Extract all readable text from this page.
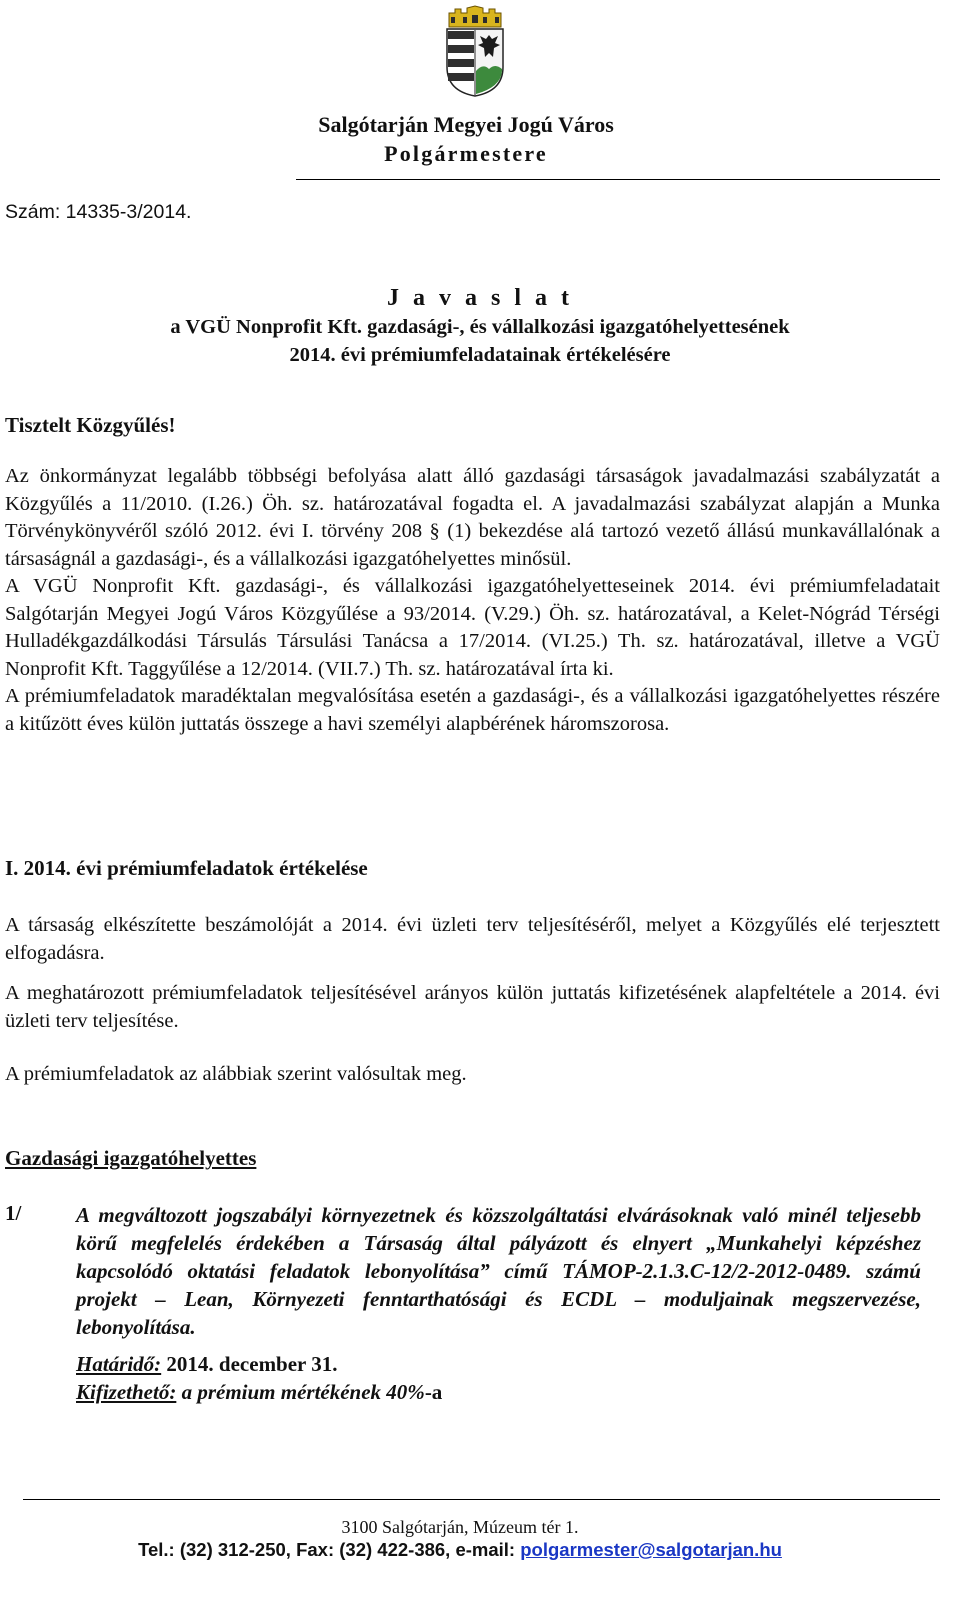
Salgótarján Megyei Jogú Város
Polgármestere
Szám: 14335-3/2014.
J a v a s l a t
a VGÜ Nonprofit Kft. gazdasági-, és vállalkozási igazgatóhelyettesének
2014. évi prémiumfeladatainak értékelésére
Tisztelt Közgyűlés!

Az önkormányzat legalább többségi befolyása alatt álló gazdasági társaságok javadalmazási szabályzatát a Közgyűlés a 11/2010. (I.26.) Öh. sz. határozatával fogadta el. A javadalmazási szabályzat alapján a Munka Törvénykönyvéről szóló 2012. évi I. törvény 208 § (1) bekezdése alá tartozó vezető állású munkavállalónak a társaságnál a gazdasági-, és a vállalkozási igazgatóhelyettes minősül.

A VGÜ Nonprofit Kft. gazdasági-, és vállalkozási igazgatóhelyetteseinek 2014. évi prémiumfeladatait Salgótarján Megyei Jogú Város Közgyűlése a 93/2014. (V.29.) Öh. sz. határozatával, a Kelet-Nógrád Térségi Hulladékgazdálkodási Társulás Társulási Tanácsa a 17/2014. (VI.25.) Th. sz. határozatával, illetve a VGÜ Nonprofit Kft. Taggyűlése a 12/2014. (VII.7.) Th. sz. határozatával írta ki.

A prémiumfeladatok maradéktalan megvalósítása esetén a gazdasági-, és a vállalkozási igazgatóhelyettes részére a kitűzött éves külön juttatás összege a havi személyi alapbérének háromszorosa.

I. 2014. évi prémiumfeladatok értékelése
A társaság elkészítette beszámolóját a 2014. évi üzleti terv teljesítéséről, melyet a Közgyűlés elé terjesztett elfogadásra.
A meghatározott prémiumfeladatok teljesítésével arányos külön juttatás kifizetésének alapfeltétele a 2014. évi üzleti terv teljesítése.
A prémiumfeladatok az alábbiak szerint valósultak meg.
Gazdasági igazgatóhelyettes
1/	A megváltozott jogszabályi környezetnek és közszolgáltatási elvárásoknak való minél teljesebb körű megfelelés érdekében a Társaság által pályázott és elnyert „Munkahelyi képzéshez kapcsolódó oktatási feladatok lebonyolítása” című TÁMOP-2.1.3.C-12/2-2012-0489. számú projekt – Lean, Környezeti fenntarthatósági és ECDL – moduljainak megszervezése, lebonyolítása.
Határidő: 2014. december 31.
Kifizethető: a prémium mértékének 40%-a
3100 Salgótarján, Múzeum tér 1.
Tel.: (32) 312-250, Fax: (32) 422-386, e-mail: polgarmester@salgotarjan.hu
